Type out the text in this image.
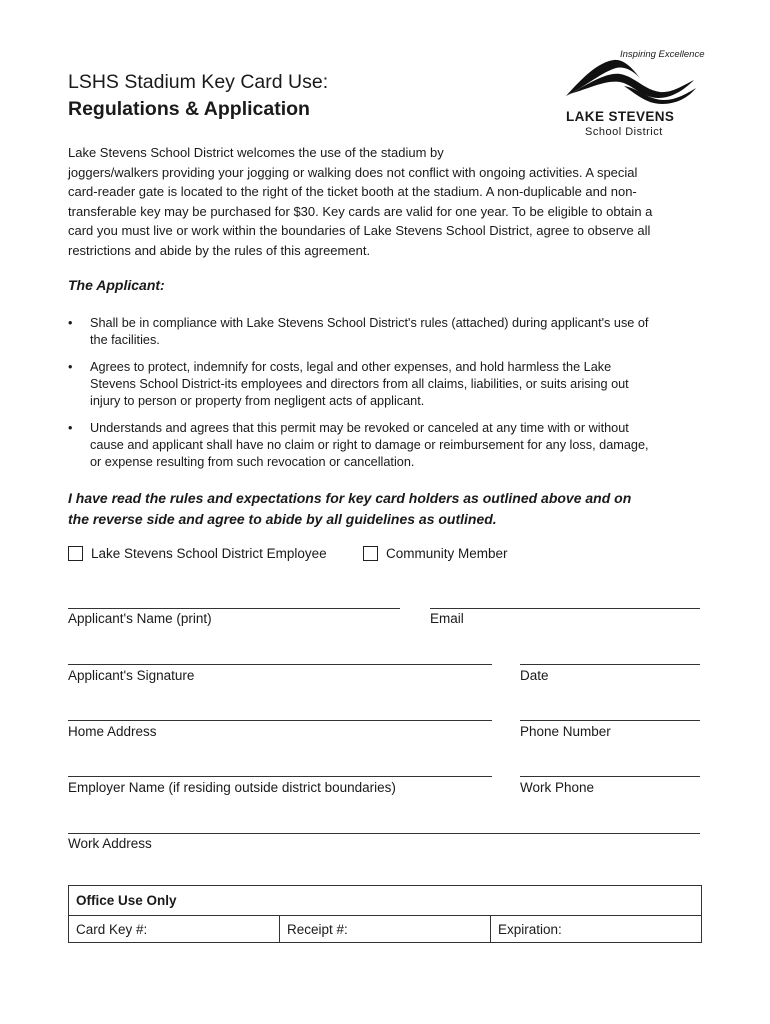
LSHS Stadium Key Card Use:
Regulations & Application
Inspiring Excellence
LAKE STEVENS
School District

Lake Stevens School District welcomes the use of the stadium by
joggers/walkers providing your jogging or walking does not conflict with ongoing activities. A special
card-reader gate is located to the right of the ticket booth at the stadium. A non-duplicable and non-
transferable key may be purchased for $30. Key cards are valid for one year. To be eligible to obtain a
card you must live or work within the boundaries of Lake Stevens School District, agree to observe all
restrictions and abide by the rules of this agreement.

The Applicant:
• Shall be in compliance with Lake Stevens School District's rules (attached) during applicant's use of
the facilities.
• Agrees to protect, indemnify for costs, legal and other expenses, and hold harmless the Lake
Stevens School District-its employees and directors from all claims, liabilities, or suits arising out
injury to person or property from negligent acts of applicant.
• Understands and agrees that this permit may be revoked or canceled at any time with or without
cause and applicant shall have no claim or right to damage or reimbursement for any loss, damage,
or expense resulting from such revocation or cancellation.

I have read the rules and expectations for key card holders as outlined above and on
the reverse side and agree to abide by all guidelines as outlined.

Lake Stevens School District Employee	Community Member
Applicant's Name (print)	Email
Applicant's Signature	Date
Home Address	Phone Number
Employer Name (if residing outside district boundaries)	Work Phone
Work Address
Office Use Only
Card Key #:	Receipt #:	Expiration:
